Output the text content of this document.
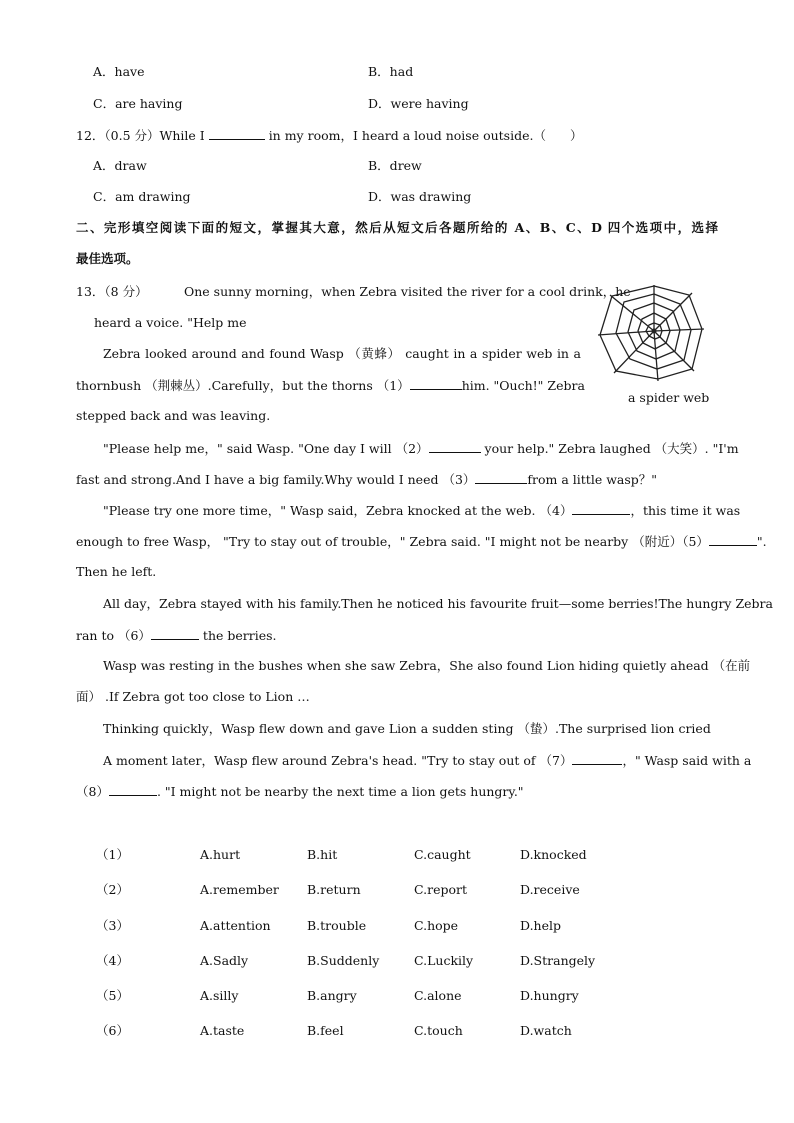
A．have	B．had
C．are having	D．were having
12．（0.5 分）While I	in my room，I heard a loud noise outside.（ ）
A．draw	B．drew
C．am drawing	D．was drawing
二、完形填空阅读下面的短文，掌握其大意，然后从短文后各题所给的 A、B、C、D 四个选项中，选择
最佳选项。
13．（8 分）	One sunny morning，when Zebra visited the river for a cool drink，he
heard a voice. "Help me
Zebra looked around and found Wasp （黄蜂） caught in a spider web in a
thornbush （荆棘丛）.Carefully，but the thorns （1）	him. "Ouch!" Zebra
stepped back and was leaving.
a spider web
"Please help me，" said Wasp. "One day I will （2）	your help." Zebra laughed （大笑）. "I'm
fast and strong.And I have a big family.Why would I need （3）	from a little wasp？"
"Please try one more time，" Wasp said，Zebra knocked at the web. （4）	，this time it was
enough to free Wasp， "Try to stay out of trouble，" Zebra said. "I might not be nearby （附近）（5）	".
Then he left.
All day，Zebra stayed with his family.Then he noticed his favourite fruit—some berries!The hungry Zebra
ran to （6）	the berries.
Wasp was resting in the bushes when she saw Zebra，She also found Lion hiding quietly ahead （在前
面） .If Zebra got too close to Lion …
Thinking quickly，Wasp flew down and gave Lion a sudden sting （蛰）.The surprised lion cried
A moment later，Wasp flew around Zebra's head. "Try to stay out of （7）	，" Wasp said with a
（8）	. "I might not be nearby the next time a lion gets hungry."
（1）	A.hurt	B.hit	C.caught	D.knocked
（2）	A.remember B.return	C.report	D.receive
（3）	A.attention	B.trouble	C.hope	D.help
（4）	A.Sadly	B.Suddenly	C.Luckily	D.Strangely
（5）	A.silly	B.angry	C.alone	D.hungry
（6）	A.taste	B.feel	C.touch	D.watch
